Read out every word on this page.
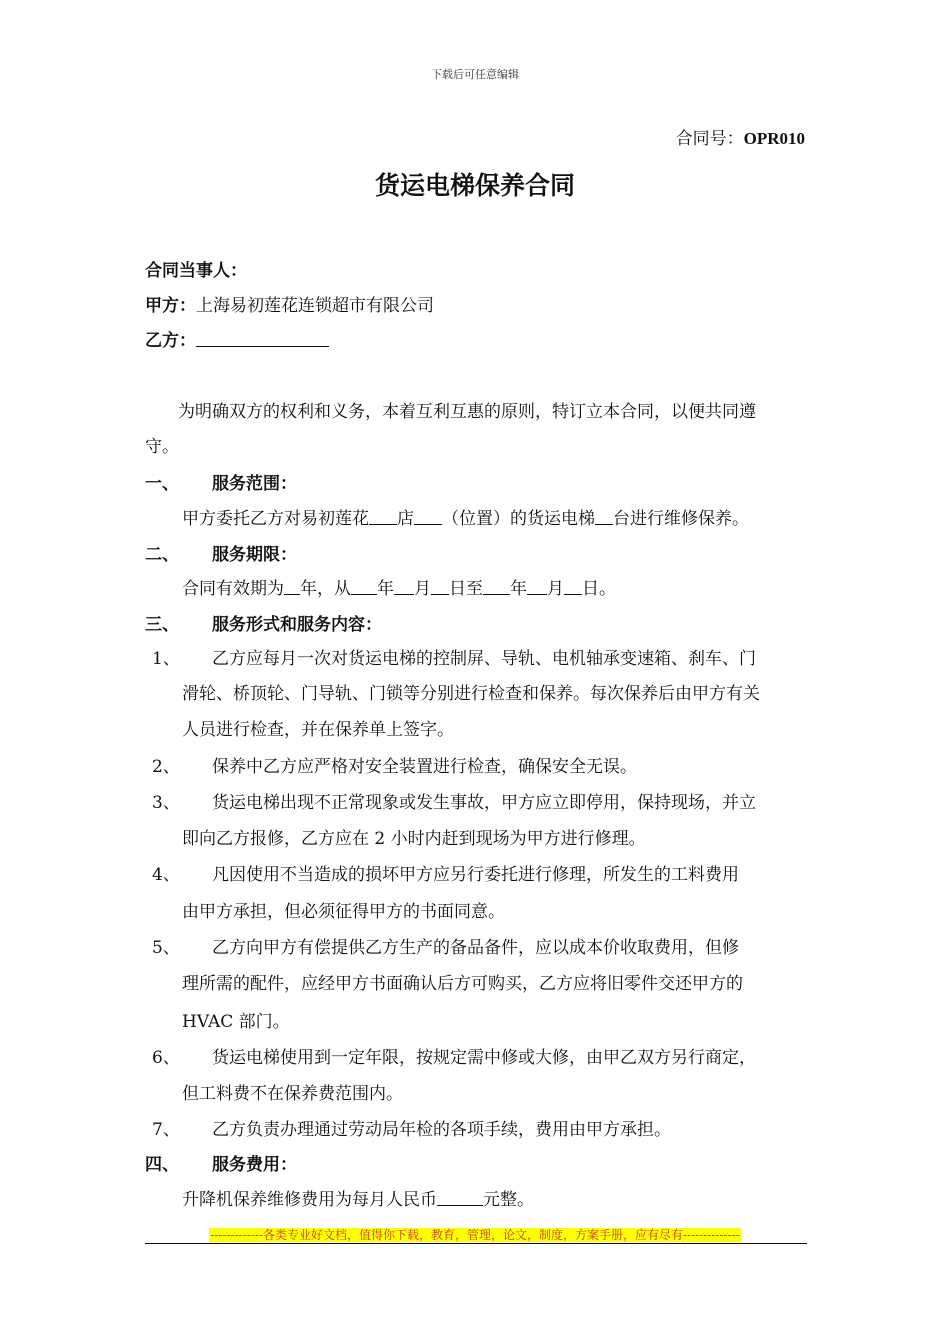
下载后可任意编辑
合同号：OPR010
货运电梯保养合同
合同当事人：
甲方：上海易初莲花连锁超市有限公司
乙方：
为明确双方的权利和义务，本着互利互惠的原则，特订立本合同，以便共同遵
守。
一、 服务范围：
甲方委托乙方对易初莲花 店 （位置）的货运电梯 台进行维修保养。
二、 服务期限：
合同有效期为 年，从 年 月 日至 年 月 日。
三、 服务形式和服务内容：
1、 乙方应每月一次对货运电梯的控制屏、导轨、电机轴承变速箱、刹车、门
滑轮、桥顶轮、门导轨、门锁等分别进行检查和保养。每次保养后由甲方有关
人员进行检查，并在保养单上签字。
2、 保养中乙方应严格对安全装置进行检查，确保安全无误。
3、 货运电梯出现不正常现象或发生事故，甲方应立即停用，保持现场，并立
即向乙方报修，乙方应在 2 小时内赶到现场为甲方进行修理。
4、 凡因使用不当造成的损坏甲方应另行委托进行修理，所发生的工料费用
由甲方承担，但必须征得甲方的书面同意。
5、 乙方向甲方有偿提供乙方生产的备品备件，应以成本价收取费用，但修
理所需的配件，应经甲方书面确认后方可购买，乙方应将旧零件交还甲方的
HVAC 部门。
6、 货运电梯使用到一定年限，按规定需中修或大修，由甲乙双方另行商定，
但工料费不在保养费范围内。
7、 乙方负责办理通过劳动局年检的各项手续，费用由甲方承担。
四、 服务费用：
升降机保养维修费用为每月人民币	元整。
-------------各类专业好文档，值得你下载，教育，管理，论文，制度，方案手册，应有尽有--------------
